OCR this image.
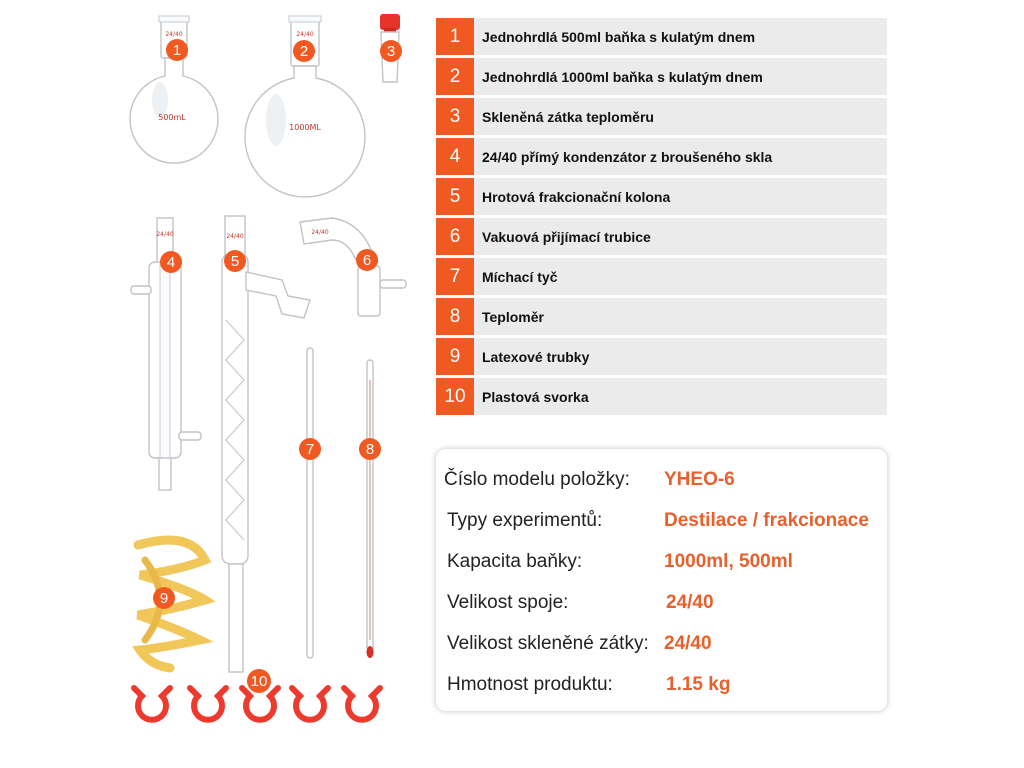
500mL
24/40
1000ML
24/40
24/40	24/40
24/40
1	2	3
4	5	6
7	8
9
10
1	Jednohrdlá 500ml baňka s kulatým dnem
2	Jednohrdlá 1000ml baňka s kulatým dnem
3	Skleněná zátka teploměru
4	24/40 přímý kondenzátor z broušeného skla
5	Hrotová frakcionační kolona
6	Vakuová přijímací trubice
7	Míchací tyč
8	Teploměr
9	Latexové trubky
10	Plastová svorka
Číslo modelu položky: YHEO-6
Typy experimentů:	Destilace / frakcionace
Kapacita baňky:	1000ml, 500ml
Velikost spoje:	24/40
Velikost skleněné zátky: 24/40
Hmotnost produktu:	1.15 kg
